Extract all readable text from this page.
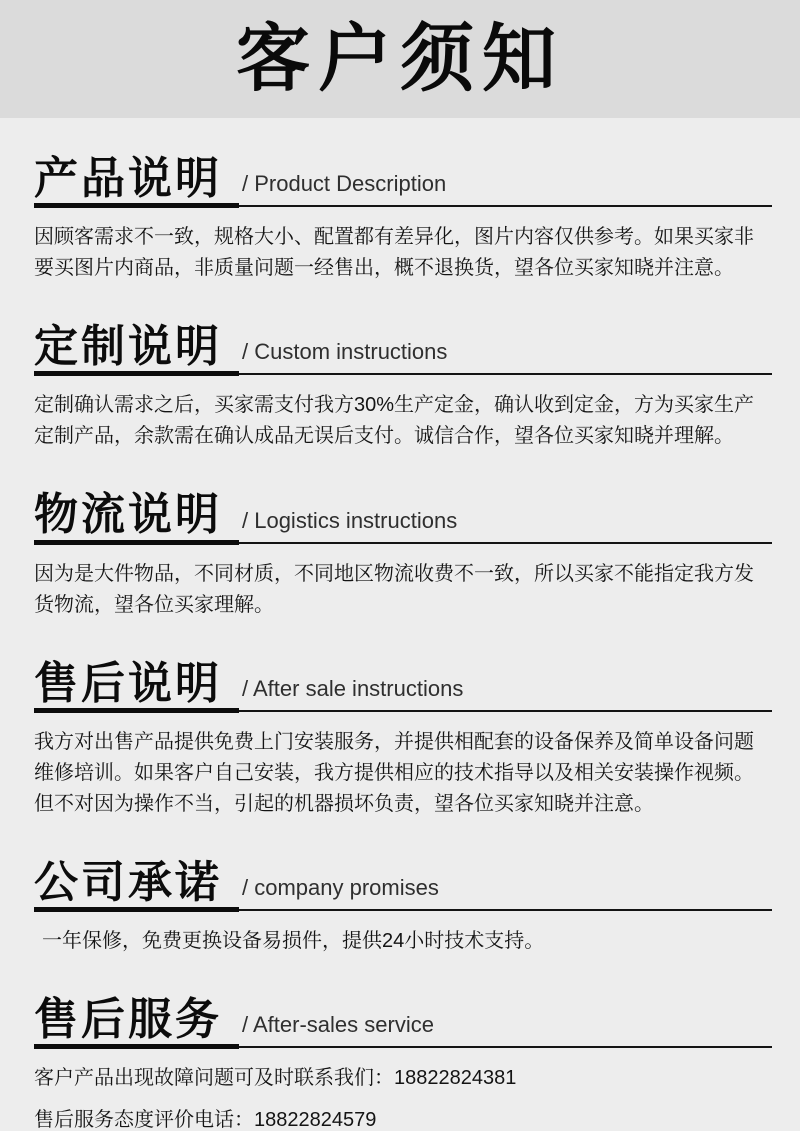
客户须知
产品说明 / Product Description

因顾客需求不一致，规格大小、配置都有差异化，图片内容仅供参考。如果买家非要买图片内商品，非质量问题一经售出，概不退换货，望各位买家知晓并注意。

定制说明 / Custom instructions

定制确认需求之后，买家需支付我方30%生产定金，确认收到定金，方为买家生产定制产品，余款需在确认成品无误后支付。诚信合作，望各位买家知晓并理解。

物流说明 / Logistics instructions

因为是大件物品，不同材质，不同地区物流收费不一致，所以买家不能指定我方发货物流，望各位买家理解。

售后说明 / After sale instructions

我方对出售产品提供免费上门安装服务，并提供相配套的设备保养及简单设备问题维修培训。如果客户自己安装，我方提供相应的技术指导以及相关安装操作视频。但不对因为操作不当，引起的机器损坏负责，望各位买家知晓并注意。

公司承诺 / company promises

一年保修，免费更换设备易损件，提供24小时技术支持。

售后服务 / After-sales service

客户产品出现故障问题可及时联系我们：18822824381

售后服务态度评价电话：18822824579
